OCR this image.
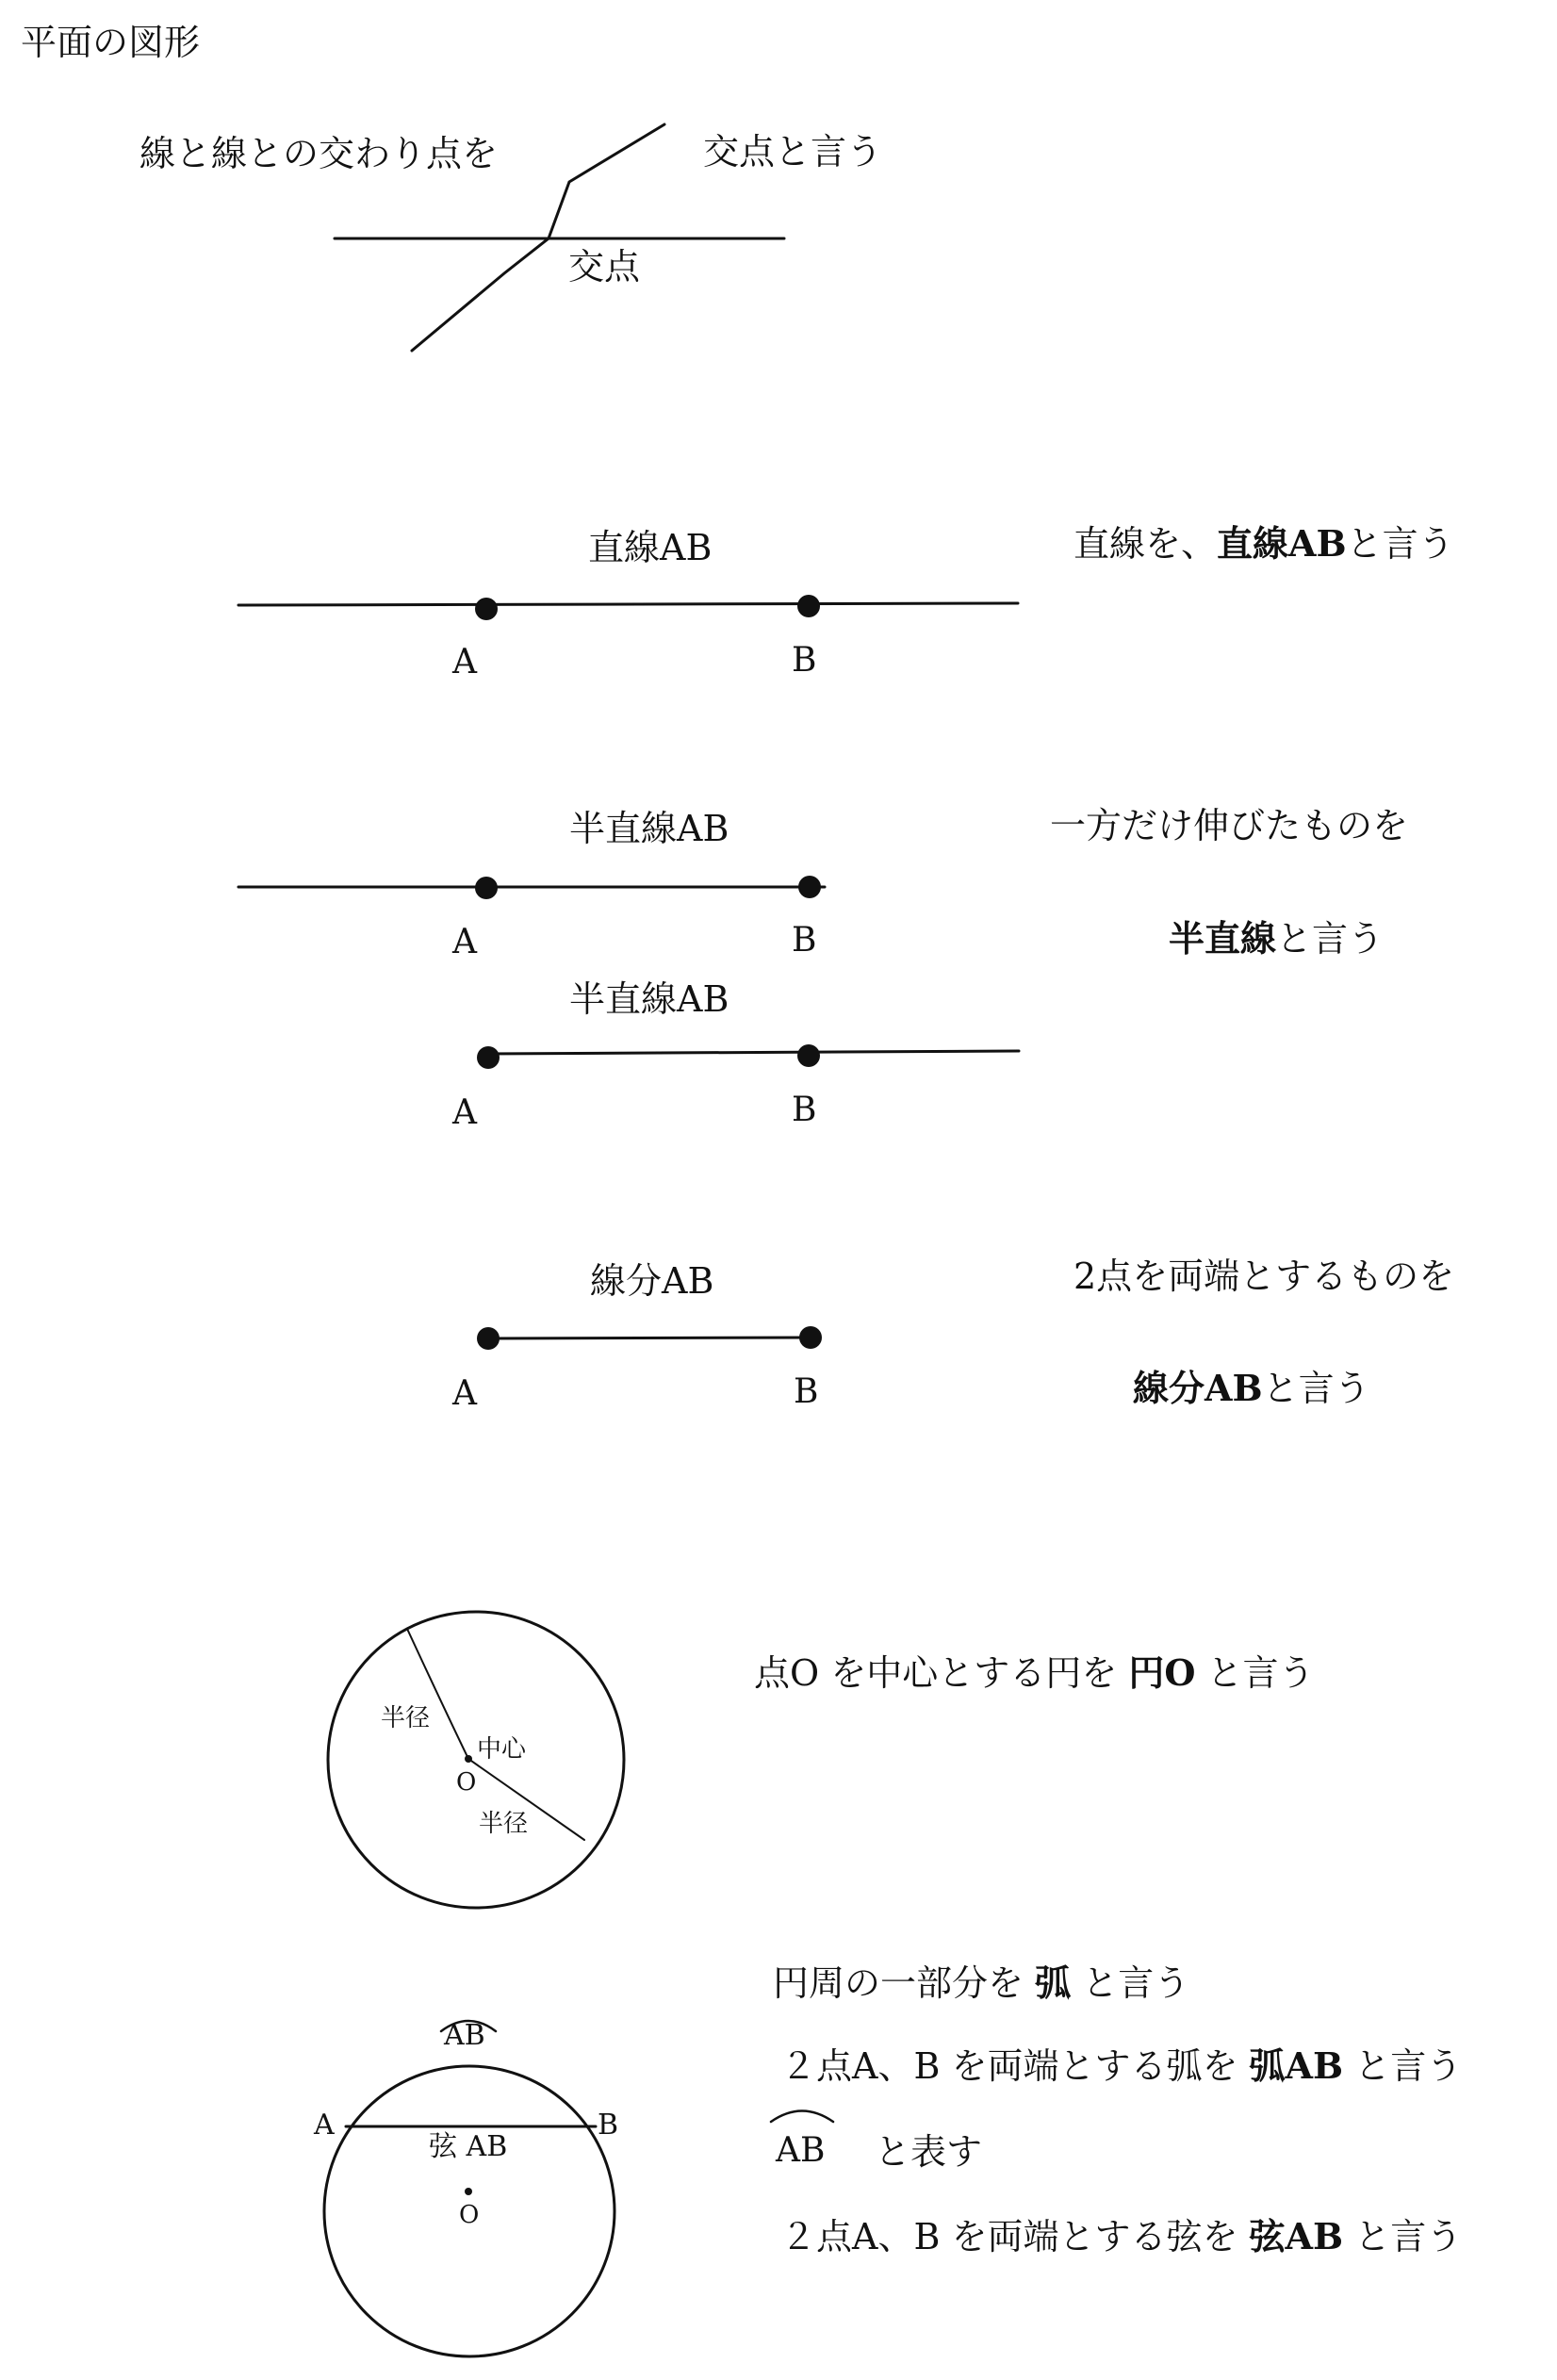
平面の図形
線と線との交わり点を	交点と言う
交点
直線AB
A	B
直線を、直線ABと言う
半直線AB
A	B
半直線AB
A	B
一方だけ伸びたものを
半直線と言う
線分AB
A	B
2点を両端とするものを
線分ABと言う
半径
中心
O
半径
点O を中心とする円を 円O と言う
AB
A	B
弦 AB
O
円周の一部分を 弧 と言う
２点A、B を両端とする弧を 弧AB と言う
AB と表す
２点A、B を両端とする弦を 弦AB と言う
